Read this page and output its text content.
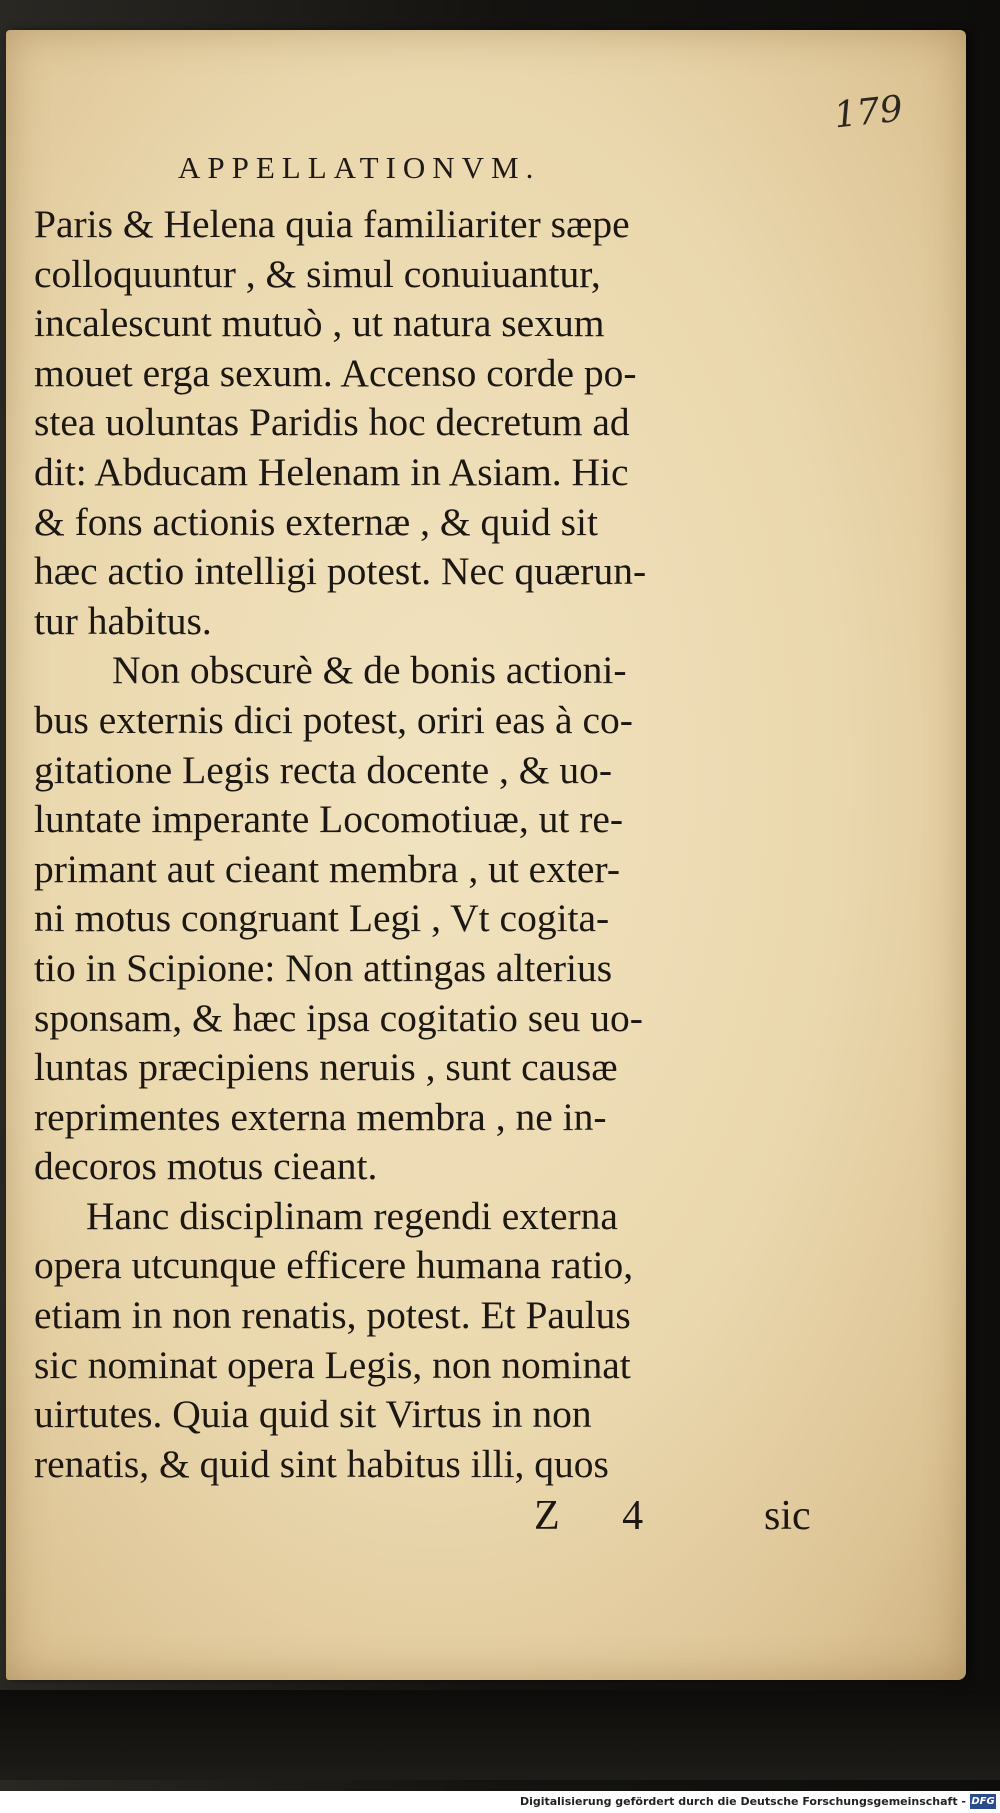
179
APPELLATIONVM.
Paris & Helena quia familiariter sæpe
colloquuntur , & simul conuiuantur,
incalescunt mutuò , ut natura sexum
mouet erga sexum. Accenso corde po-
stea uoluntas Paridis hoc decretum ad
dit: Abducam Helenam in Asiam. Hic
& fons actionis externæ , & quid sit
hæc actio intelligi potest. Nec quærun-
tur habitus.
Non obscurè & de bonis actioni-
bus externis dici potest, oriri eas à co-
gitatione Legis recta docente , & uo-
luntate imperante Locomotiuæ, ut re-
primant aut cieant membra , ut exter-
ni motus congruant Legi , Vt cogita-
tio in Scipione: Non attingas alterius
sponsam, & hæc ipsa cogitatio seu uo-
luntas præcipiens neruis , sunt causæ
reprimentes externa membra , ne in-
decoros motus cieant.
Hanc disciplinam regendi externa
opera utcunque efficere humana ratio,
etiam in non renatis, potest. Et Paulus
sic nominat opera Legis, non nominat
uirtutes. Quia quid sit Virtus in non
renatis, & quid sint habitus illi, quos
Z 4	sic
Digitalisierung gefördert durch die Deutsche Forschungsgemeinschaft - DFG
